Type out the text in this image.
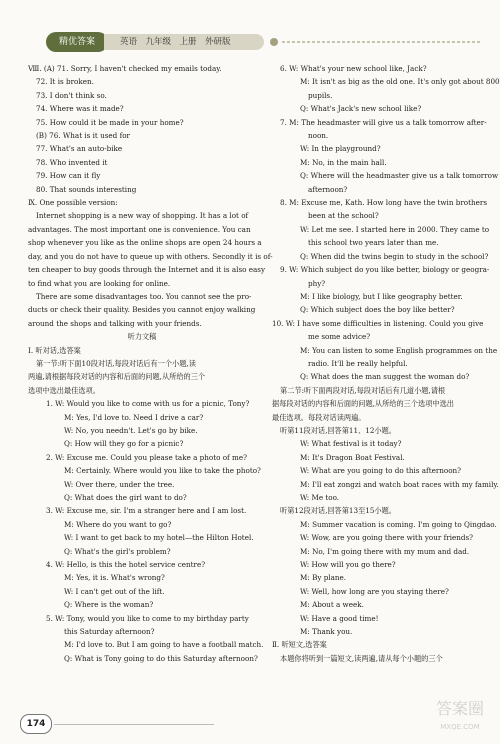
精优答案	英语　九年级　上册　外研版

Ⅷ. (A) 71. Sorry, I haven't checked my emails today.

72. It is broken.

73. I don't think so.

74. Where was it made?

75. How could it be made in your home?

(B) 76. What is it used for

77. What's an auto-bike

78. Who invented it

79. How can it fly

80. That sounds interesting

Ⅸ. One possible version:

Internet shopping is a new way of shopping. It has a lot of

advantages. The most important one is convenience. You can

shop whenever you like as the online shops are open 24 hours a

day, and you do not have to queue up with others. Secondly it is of-

ten cheaper to buy goods through the Internet and it is also easy

to find what you are looking for online.

There are some disadvantages too. You cannot see the pro-

ducts or check their quality. Besides you cannot enjoy walking

around the shops and talking with your friends.

听力文稿

Ⅰ. 听对话,选答案

第一节:听下面10段对话,每段对话后有一个小题,读

两遍,请根据每段对话的内容和后面的问题,从所给的三个

选项中选出最佳选项。

1. W: Would you like to come with us for a picnic, Tony?

M: Yes, I'd love to. Need I drive a car?

W: No, you needn't. Let's go by bike.

Q: How will they go for a picnic?

2. W: Excuse me. Could you please take a photo of me?

M: Certainly. Where would you like to take the photo?

W: Over there, under the tree.

Q: What does the girl want to do?

3. W: Excuse me, sir. I'm a stranger here and I am lost.

M: Where do you want to go?

W: I want to get back to my hotel—the Hilton Hotel.

Q: What's the girl's problem?

4. W: Hello, is this the hotel service centre?

M: Yes, it is. What's wrong?

W: I can't get out of the lift.

Q: Where is the woman?

5. W: Tony, would you like to come to my birthday party

this Saturday afternoon?

M: I'd love to. But I am going to have a football match.

Q: What is Tony going to do this Saturday afternoon?

6. W: What's your new school like, Jack?

M: It isn't as big as the old one. It's only got about 800

pupils.

Q: What's Jack's new school like?

7. M: The headmaster will give us a talk tomorrow after-

noon.

W: In the playground?

M: No, in the main hall.

Q: Where will the headmaster give us a talk tomorrow

afternoon?

8. M: Excuse me, Kath. How long have the twin brothers

been at the school?

W: Let me see. I started here in 2000. They came to

this school two years later than me.

Q: When did the twins begin to study in the school?

9. W: Which subject do you like better, biology or geogra-

phy?

M: I like biology, but I like geography better.

Q: Which subject does the boy like better?

10. W: I have some difficulties in listening. Could you give

me some advice?

M: You can listen to some English programmes on the

radio. It'll be really helpful.

Q: What does the man suggest the woman do?

第二节:听下面两段对话,每段对话后有几道小题,请根

据每段对话的内容和后面的问题,从所给的三个选项中选出

最佳选项。每段对话读两遍。

听第11段对话,回答第11、12小题。

W: What festival is it today?

M: It's Dragon Boat Festival.

W: What are you going to do this afternoon?

M: I'll eat zongzi and watch boat races with my family.

W: Me too.

听第12段对话,回答第13至15小题。

M: Summer vacation is coming. I'm going to Qingdao.

W: Wow, are you going there with your friends?

M: No, I'm going there with my mum and dad.

W: How will you go there?

M: By plane.

W: Well, how long are you staying there?

M: About a week.

W: Have a good time!

M: Thank you.

Ⅱ. 听短文,选答案

本题你将听到一篇短文,读两遍,请从每个小题的三个

174
答案圈
MXQE.COM
